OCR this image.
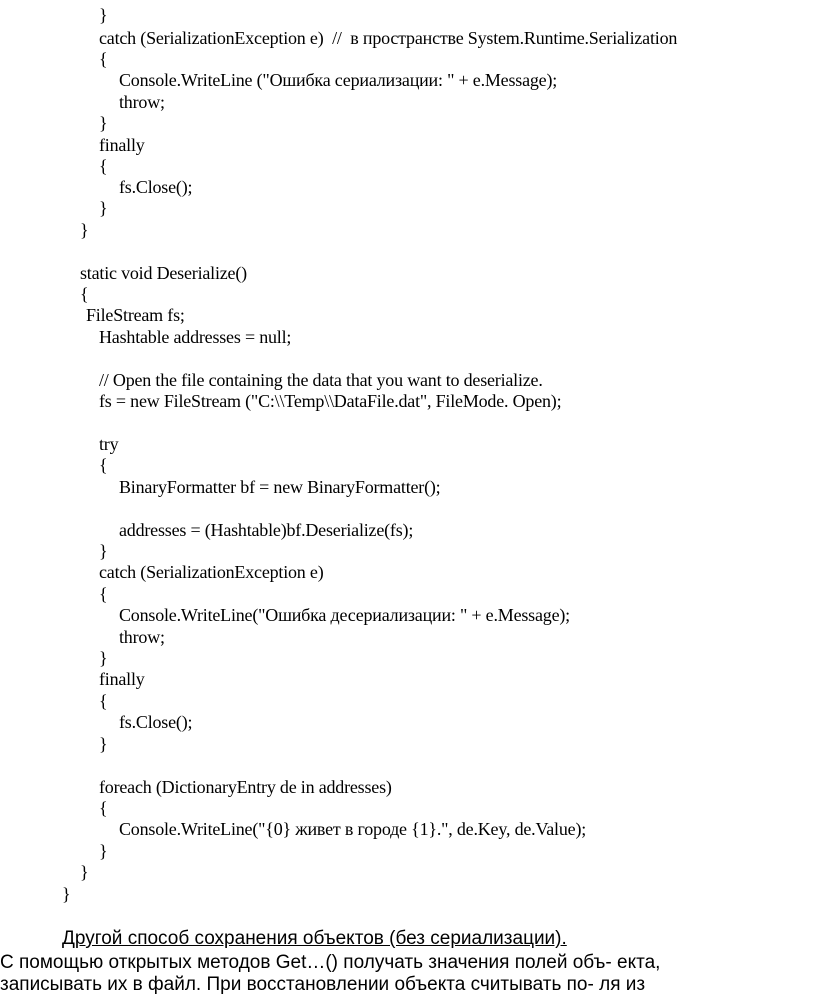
}
catch (SerializationException e)  //  в пространстве System.Runtime.Serialization
{
Console.WriteLine ("Ошибка сериализации: " + e.Message);
throw;
}
finally
{
fs.Close();
}
}
static void Deserialize()
{
FileStream fs;
Hashtable addresses = null;
// Open the file containing the data that you want to deserialize.
fs = new FileStream ("C:\\Temp\\DataFile.dat", FileMode. Open);
try
{
BinaryFormatter bf = new BinaryFormatter();
addresses = (Hashtable)bf.Deserialize(fs);
}
catch (SerializationException e)
{
Console.WriteLine("Ошибка десериализации: " + e.Message);
throw;
}
finally
{
fs.Close();
}
foreach (DictionaryEntry de in addresses)
{
Console.WriteLine("{0} живет в городе {1}.", de.Key, de.Value);
}
}
}
Другой способ сохранения объектов (без сериализации).
С помощью открытых методов Get…() получать значения полей объ- екта,
записывать их в файл. При восстановлении объекта считывать по- ля из
